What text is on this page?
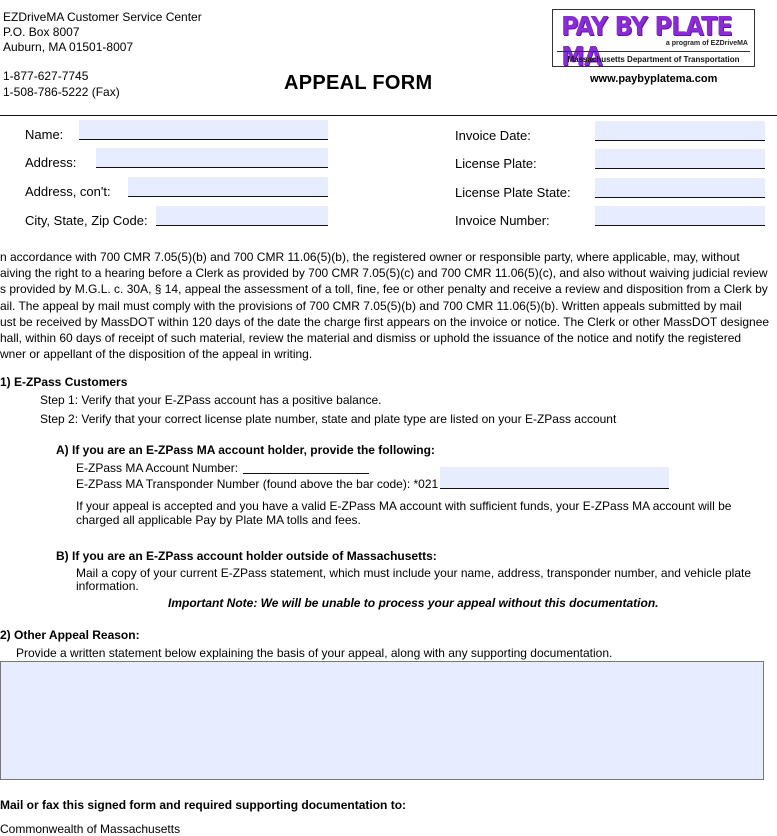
EZDriveMA Customer Service Center
P.O. Box 8007
Auburn, MA 01501-8007
1-877-627-7745
1-508-786-5222 (Fax)	APPEAL FORM
PAY BY PLATE MA	a program of EZDriveMA
Massachusetts Department of Transportation
www.paybyplatema.com
Name:
Address:
Address, con't:
City, State, Zip Code:
Invoice Date:
License Plate:
License Plate State:
Invoice Number:
n accordance with 700 CMR 7.05(5)(b) and 700 CMR 11.06(5)(b), the registered owner or responsible party, where applicable, may, without
aiving the right to a hearing before a Clerk as provided by 700 CMR 7.05(5)(c) and 700 CMR 11.06(5)(c), and also without waiving judicial review
s provided by M.G.L. c. 30A, § 14, appeal the assessment of a toll, fine, fee or other penalty and receive a review and disposition from a Clerk by
ail. The appeal by mail must comply with the provisions of 700 CMR 7.05(5)(b) and 700 CMR 11.06(5)(b). Written appeals submitted by mail
ust be received by MassDOT within 120 days of the date the charge first appears on the invoice or notice. The Clerk or other MassDOT designee
hall, within 60 days of receipt of such material, review the material and dismiss or uphold the issuance of the notice and notify the registered
wner or appellant of the disposition of the appeal in writing.
1) E-ZPass Customers
Step 1: Verify that your E-ZPass account has a positive balance.
Step 2: Verify that your correct license plate number, state and plate type are listed on your E-ZPass account
A) If you are an E-ZPass MA account holder, provide the following:
E-ZPass MA Account Number:
E-ZPass MA Transponder Number (found above the bar code): *021
If your appeal is accepted and you have a valid E-ZPass MA account with sufficient funds, your E-ZPass MA account will be
charged all applicable Pay by Plate MA tolls and fees.
B) If you are an E-ZPass account holder outside of Massachusetts:
Mail a copy of your current E-ZPass statement, which must include your name, address, transponder number, and vehicle plate
information.
Important Note: We will be unable to process your appeal without this documentation.
2) Other Appeal Reason:
Provide a written statement below explaining the basis of your appeal, along with any supporting documentation.
Mail or fax this signed form and required supporting documentation to:
Commonwealth of Massachusetts
